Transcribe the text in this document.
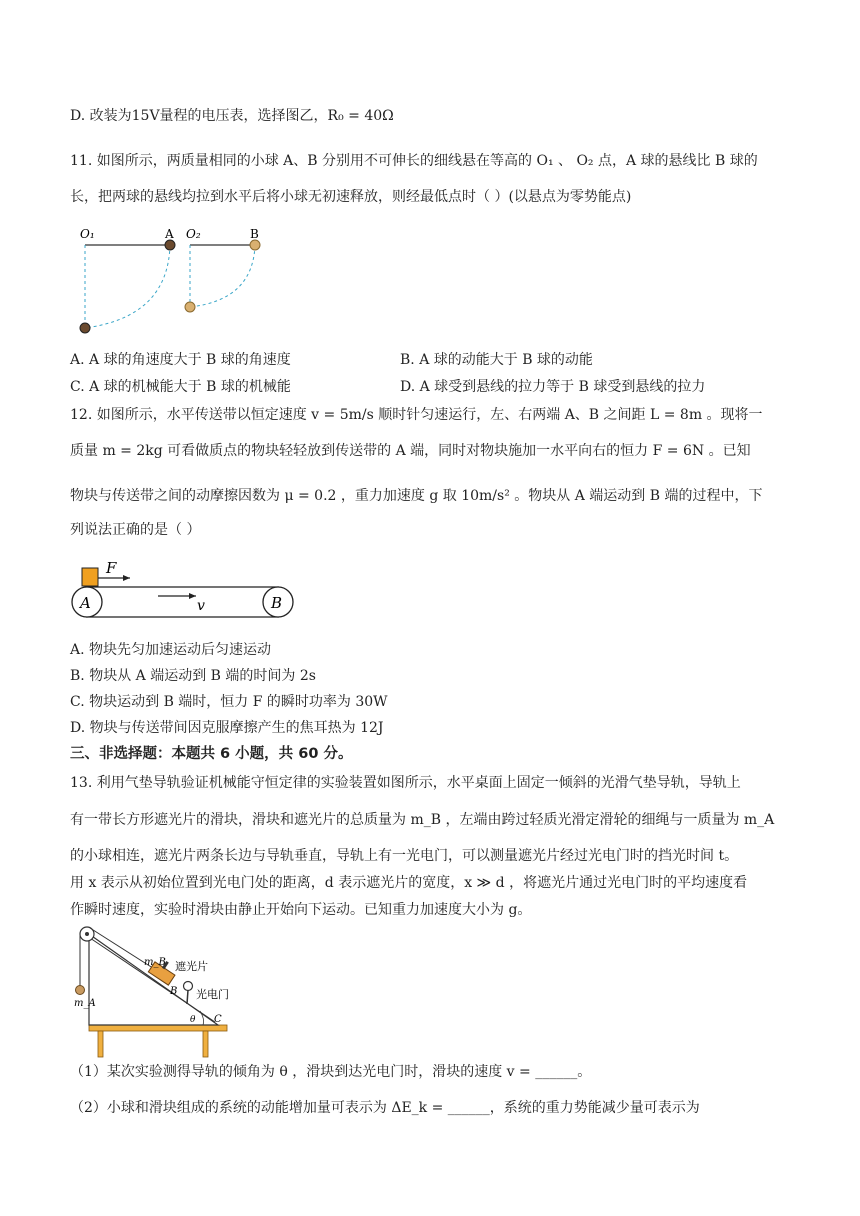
D. 改装为15V量程的电压表，选择图乙，R₀ = 40Ω
11. 如图所示，两质量相同的小球 A、B 分别用不可伸长的细线悬在等高的 O₁ 、 O₂ 点，A 球的悬线比 B 球的
长，把两球的悬线均拉到水平后将小球无初速释放，则经最低点时（ ）(以悬点为零势能点)
O₁	A O₂	B
A. A 球的角速度大于 B 球的角速度	B. A 球的动能大于 B 球的动能
C. A 球的机械能大于 B 球的机械能	D. A 球受到悬线的拉力等于 B 球受到悬线的拉力
12. 如图所示，水平传送带以恒定速度 v = 5m/s 顺时针匀速运行，左、右两端 A、B 之间距 L = 8m 。现将一
质量 m = 2kg 可看做质点的物块轻轻放到传送带的 A 端，同时对物块施加一水平向右的恒力 F = 6N 。已知
物块与传送带之间的动摩擦因数为 μ = 0.2 ，重力加速度 g 取 10m/s² 。物块从 A 端运动到 B 端的过程中，下
列说法正确的是（ ）
F
v
A	B
A. 物块先匀加速运动后匀速运动
B. 物块从 A 端运动到 B 端的时间为 2s
C. 物块运动到 B 端时，恒力 F 的瞬时功率为 30W
D. 物块与传送带间因克服摩擦产生的焦耳热为 12J
三、非选择题：本题共 6 小题，共 60 分。
13. 利用气垫导轨验证机械能守恒定律的实验装置如图所示，水平桌面上固定一倾斜的光滑气垫导轨，导轨上
有一带长方形遮光片的滑块，滑块和遮光片的总质量为 m_B ，左端由跨过轻质光滑定滑轮的细绳与一质量为 m_A
的小球相连，遮光片两条长边与导轨垂直，导轨上有一光电门，可以测量遮光片经过光电门时的挡光时间 t。
用 x 表示从初始位置到光电门处的距离，d 表示遮光片的宽度，x ≫ d ，将遮光片通过光电门时的平均速度看
作瞬时速度，实验时滑块由静止开始向下运动。已知重力加速度大小为 g。
m_B 遮光片
B 光电门
m_A
θ C
（1）某次实验测得导轨的倾角为 θ ，滑块到达光电门时，滑块的速度 v = ______。
（2）小球和滑块组成的系统的动能增加量可表示为 ΔE_k = ______，系统的重力势能减少量可表示为
